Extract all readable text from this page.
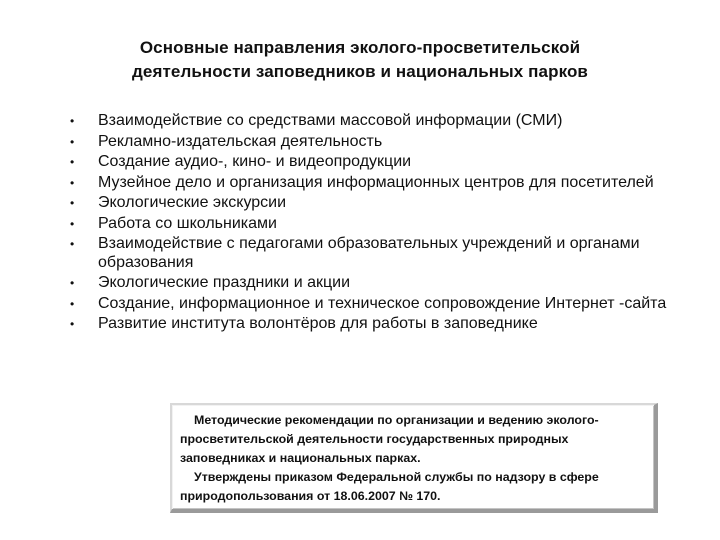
Основные направления эколого-просветительской
деятельности заповедников и национальных парков
• Взаимодействие со средствами массовой информации (СМИ)
• Рекламно-издательская деятельность
• Создание аудио-, кино- и видеопродукции
• Музейное дело и организация информационных центров для посетителей
• Экологические экскурсии
• Работа со школьниками
• Взаимодействие с педагогами образовательных учреждений и органами образования
• Экологические праздники и акции
• Создание, информационное и техническое сопровождение Интернет -сайта
• Развитие института волонтёров для работы в заповеднике

Методические рекомендации по организации и ведению эколого-просветительской деятельности государственных природных заповедниках и национальных парках.

Утверждены приказом Федеральной службы по надзору в сфере природопользования от 18.06.2007 № 170.
